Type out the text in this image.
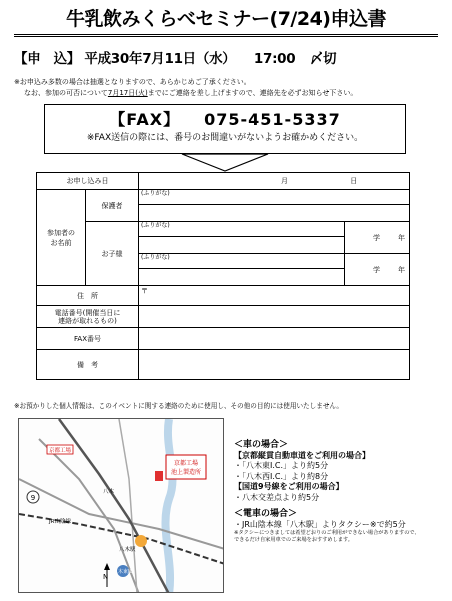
牛乳飲みくらべセミナー(7/24)申込書
【申　込】 平成30年7月11日（水） 17:00 〆切
※お申込み多数の場合は抽選となりますので、あらかじめご了承ください。
なお、参加の可否について7月17日(火)までにご連絡を差し上げますので、連絡先を必ずお知らせ下さい。
【FAX】 075-451-5337
※FAX送信の際には、番号のお間違いがないようお確かめください。
お申し込み日		月 日	
参加者の
お名前	保護者	(ふりがな)	

	お子様	(ふりがな)	学 年

		(ふりがな)	学 年

住　所		〒	
電話番号(開催当日に
連絡が取れるもの)			
FAX番号			
備　考			
※お預かりした個人情報は、このイベントに関する連絡のために使用し、その他の目的には使用いたしません。
京都工場
池上製造所
京都工場
JR山陰線
八木
八木駅
八木東IC
9
N
＜車の場合＞
【京都縦貫自動車道をご利用の場合】
・「八木東I.C.」より約5分
・「八木西I.C.」より約8分
【国道9号線をご利用の場合】
・八木交差点より約5分
＜電車の場合＞
・JR山陰本線「八木駅」よりタクシー※で約5分
※タクシーにつきましては希望どおりのご利用ができない場合がありますので、
できるだけ自家用車でのご来場をおすすめします。
